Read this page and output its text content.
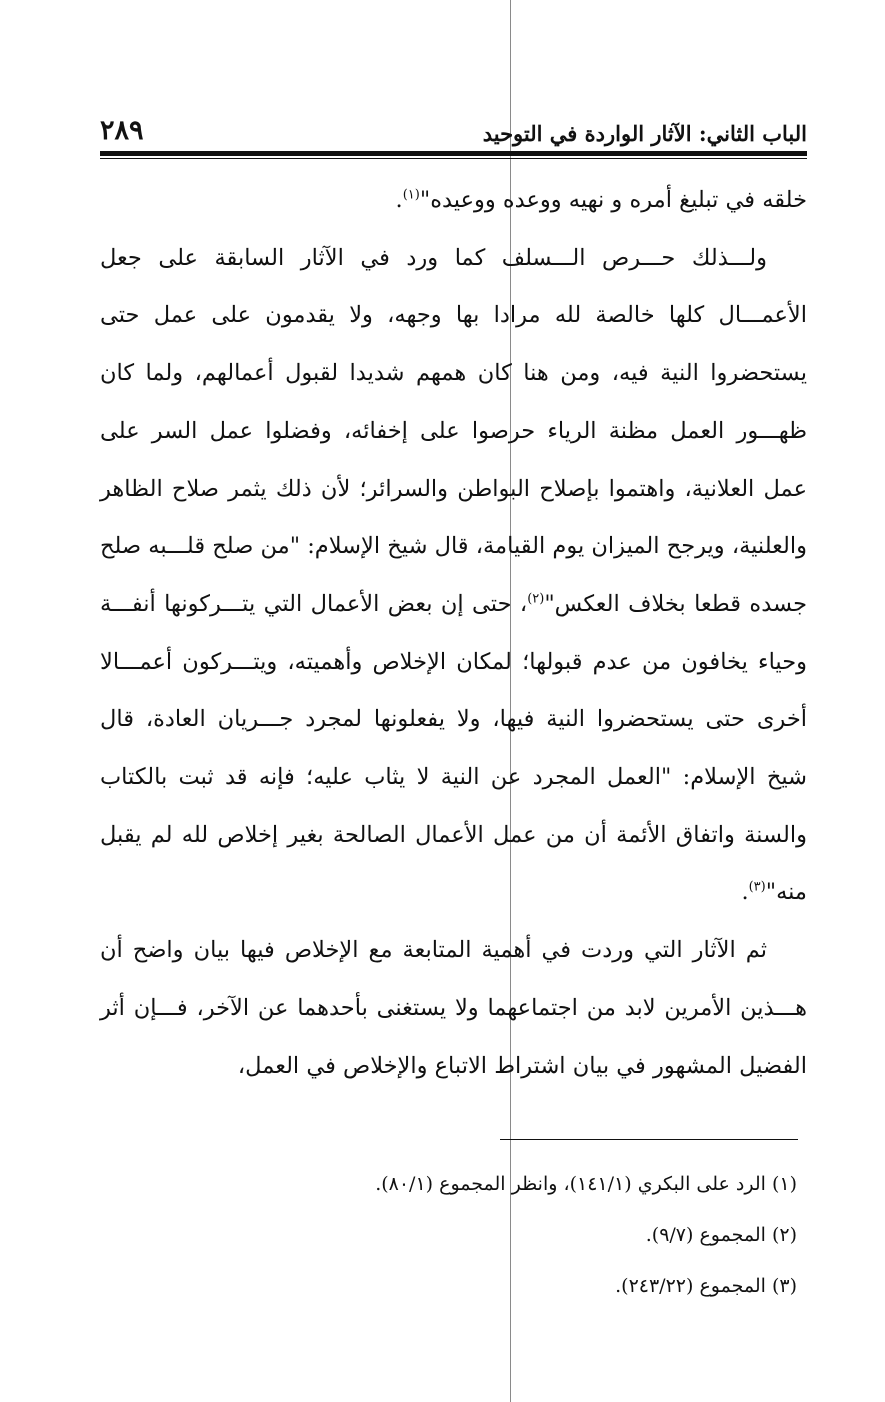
٢٨٩	الباب الثاني: الآثار الواردة في التوحيد

خلقه في تبليغ أمره و نهيه ووعده ووعيده"$^{(١)}$.

ولـــذلك حـــرص الـــسلف كما ورد في الآثار السابقة على جعل الأعمـــال كلها خالصة لله مرادا بها وجهه، ولا يقدمون على عمل حتى يستحضروا النية فيه، ومن هنا كان همهم شديدا لقبول أعمالهم، ولما كان ظهـــور العمل مظنة الرياء حرصوا على إخفائه، وفضلوا عمل السر على عمل العلانية، واهتموا بإصلاح البواطن والسرائر؛ لأن ذلك يثمر صلاح الظاهر والعلنية، ويرجح الميزان يوم القيامة، قال شيخ الإسلام: "من صلح قلـــبه صلح جسده قطعا بخلاف العكس"$^{(٢)}$، حتى إن بعض الأعمال التي يتـــركونها أنفـــة وحياء يخافون من عدم قبولها؛ لمكان الإخلاص وأهميته، ويتـــركون أعمـــالا أخرى حتى يستحضروا النية فيها، ولا يفعلونها لمجرد جـــريان العادة، قال شيخ الإسلام: "العمل المجرد عن النية لا يثاب عليه؛ فإنه قد ثبت بالكتاب والسنة واتفاق الأئمة أن من عمل الأعمال الصالحة بغير إخلاص لله لم يقبل منه"$^{(٣)}$.

ثم الآثار التي وردت في أهمية المتابعة مع الإخلاص فيها بيان واضح أن هـــذين الأمرين لابد من اجتماعهما ولا يستغنى بأحدهما عن الآخر، فـــإن أثر الفضيل المشهور في بيان اشتراط الاتباع والإخلاص في العمل،

(١) الرد على البكري (١٤١/١)، وانظر المجموع (٨٠/١).
(٢) المجموع (٩/٧).
(٣) المجموع (٢٤٣/٢٢).
